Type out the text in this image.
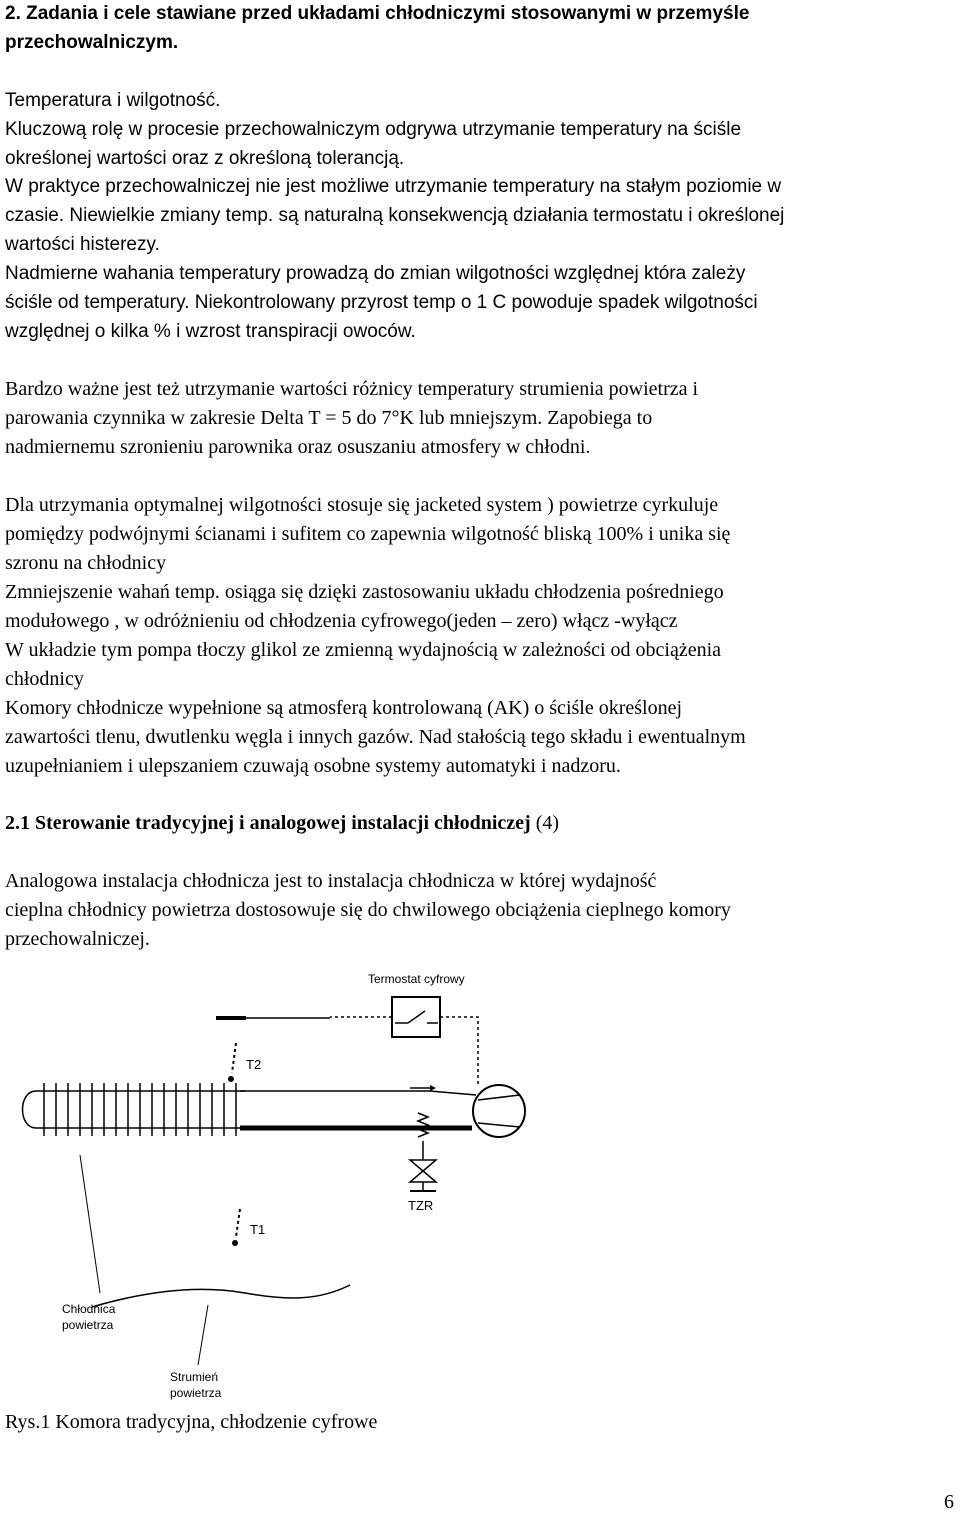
2. Zadania i cele stawiane przed układami chłodniczymi stosowanymi w przemyśle
przechowalniczym.
Temperatura i wilgotność.
Kluczową rolę w procesie przechowalniczym odgrywa utrzymanie temperatury na ściśle
określonej wartości oraz z określoną tolerancją.
W praktyce przechowalniczej nie jest możliwe utrzymanie temperatury na stałym poziomie w
czasie. Niewielkie zmiany temp. są naturalną konsekwencją działania termostatu i określonej
wartości histerezy.
Nadmierne wahania temperatury prowadzą do zmian wilgotności względnej która zależy
ściśle od temperatury. Niekontrolowany przyrost temp o 1 C powoduje spadek wilgotności
względnej o kilka % i wzrost transpiracji owoców.
Bardzo ważne jest też utrzymanie wartości różnicy temperatury strumienia powietrza i
parowania czynnika w zakresie Delta T = 5 do 7°K lub mniejszym. Zapobiega to
nadmiernemu szronieniu parownika oraz osuszaniu atmosfery w chłodni.
Dla utrzymania optymalnej wilgotności stosuje się jacketed system ) powietrze cyrkuluje
pomiędzy podwójnymi ścianami i sufitem co zapewnia wilgotność bliską 100% i unika się
szronu na chłodnicy
Zmniejszenie wahań temp. osiąga się dzięki zastosowaniu układu chłodzenia pośredniego
modułowego , w odróżnieniu od chłodzenia cyfrowego(jeden – zero) włącz -wyłącz
W układzie tym pompa tłoczy glikol ze zmienną wydajnością w zależności od obciążenia
chłodnicy
Komory chłodnicze wypełnione są atmosferą kontrolowaną (AK) o ściśle określonej
zawartości tlenu, dwutlenku węgla i innych gazów. Nad stałością tego składu i ewentualnym
uzupełnianiem i ulepszaniem czuwają osobne systemy automatyki i nadzoru.
2.1 Sterowanie tradycyjnej i analogowej instalacji chłodniczej (4)
Analogowa instalacja chłodnicza jest to instalacja chłodnicza w której wydajność
cieplna chłodnicy powietrza dostosowuje się do chwilowego obciążenia cieplnego komory
przechowalniczej.
Termostat cyfrowy
T2
TZR
T1
Chłodnica
powietrza
Strumień
powietrza
Rys.1 Komora tradycyjna, chłodzenie cyfrowe
6
